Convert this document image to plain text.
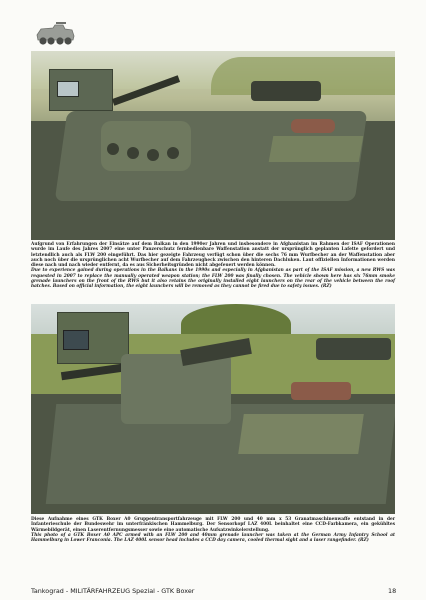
Aufgrund von Erfahrungen der Einsätze auf dem Balkan in den 1990er Jahren und insbesondere in Afghanistan im Rahmen der ISAF Operationen wurde im Laufe des Jahres 2007 eine unter Panzerschutz fernbedienbare Waffenstation anstatt der ursprünglich geplanten Lafette gefordert und letztendlich auch als FLW 200 eingeführt. Das hier gezeigte Fahrzeug verfügt schon über die sechs 76 mm Wurfbecher an der Waffenstation aber auch noch über die ursprünglichen acht Wurfbecher auf dem Fahrzeugheck zwischen den hinteren Dachluken. Laut offiziellen Informationen werden diese nach und nach wieder entfernt, da es aus Sicherheitsgründen nicht abgefeuert werden können.
Due to experience gained during operations in the Balkans in the 1990s and especially in Afghanistan as part of the ISAF mission, a new RWS was requested in 2007 to replace the manually operated weapon station; the FLW 200 was finally chosen. The vehicle shown here has six 76mm smoke grenade launchers on the front of the RWS but it also retains the originally installed eight launchers on the rear of the vehicle between the roof hatches. Based on official information, the eight launchers will be removed as they cannot be fired due to safety issues. (RZ)

Diese Aufnahme eines GTK Boxer A0 Gruppentransportfahrzeuge mit FLW 200 und 40 mm x 53 Granatmaschinenwaffe entstand in der Infanterieschule der Bundeswehr im unterfränkischen Hammelburg. Der Sensorkopf LAZ 400L beinhaltet eine CCD-Farbkamera, ein gekühltes Wärmebildgerät, einen Laserentfernungsmesser sowie eine automatische Aufsatzwinkelerstellung.
This photo of a GTK Boxer A0 APC armed with an FLW 200 and 40mm grenade launcher was taken at the German Army Infantry School at Hammelburg in Lower Franconia. The LAZ 400L sensor head includes a CCD day camera, cooled thermal sight and a laser rangefinder. (RZ)

Tankograd - MILITÄRFAHRZEUG Spezial - GTK Boxer	18
